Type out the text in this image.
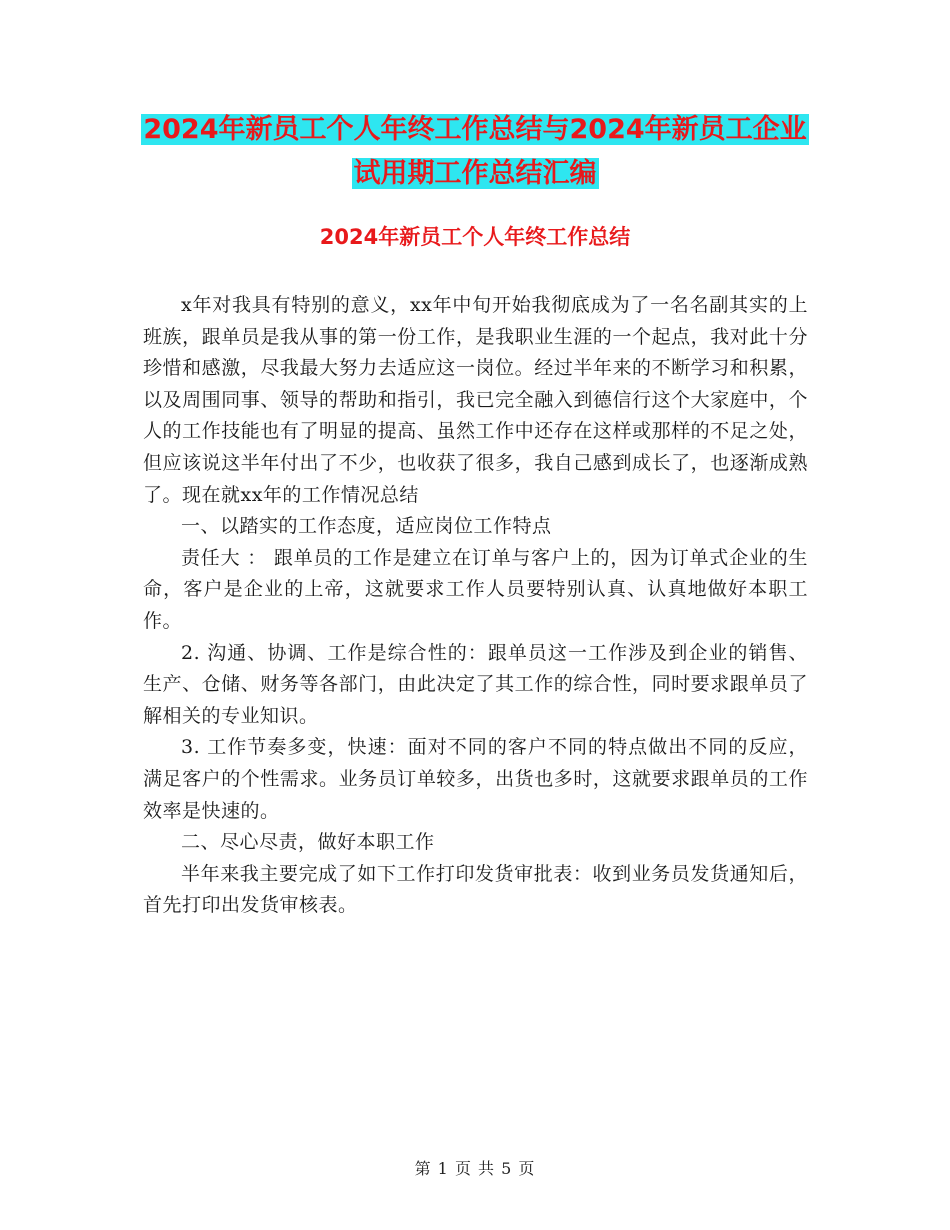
2024年新员工个人年终工作总结与2024年新员工企业
试用期工作总结汇编
2024年新员工个人年终工作总结

x年对我具有特别的意义，xx年中旬开始我彻底成为了一名名副其实的上班族，跟单员是我从事的第一份工作，是我职业生涯的一个起点，我对此十分珍惜和感激，尽我最大努力去适应这一岗位。经过半年来的不断学习和积累，以及周围同事、领导的帮助和指引，我已完全融入到德信行这个大家庭中，个人的工作技能也有了明显的提高、虽然工作中还存在这样或那样的不足之处，但应该说这半年付出了不少，也收获了很多，我自己感到成长了，也逐渐成熟了。现在就xx年的工作情况总结

一、以踏实的工作态度，适应岗位工作特点

责任大 ： 跟单员的工作是建立在订单与客户上的，因为订单式企业的生命，客户是企业的上帝，这就要求工作人员要特别认真、认真地做好本职工作。

2. 沟通、协调、工作是综合性的：跟单员这一工作涉及到企业的销售、生产、仓储、财务等各部门，由此决定了其工作的综合性，同时要求跟单员了解相关的专业知识。

3. 工作节奏多变，快速：面对不同的客户不同的特点做出不同的反应，满足客户的个性需求。业务员订单较多，出货也多时，这就要求跟单员的工作效率是快速的。

二、尽心尽责，做好本职工作

半年来我主要完成了如下工作打印发货审批表：收到业务员发货通知后，首先打印出发货审核表。

第 1 页 共 5 页
